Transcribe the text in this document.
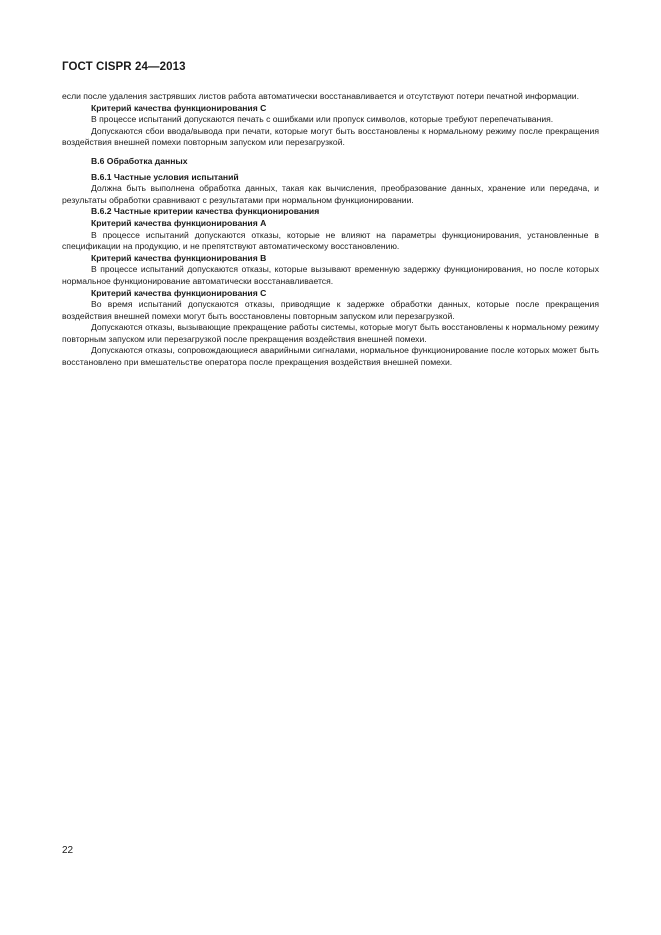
ГОСТ CISPR 24—2013

если после удаления застрявших листов работа автоматически восстанавливается и отсутствуют потери печатной информации.

Критерий качества функционирования С

В процессе испытаний допускаются печать с ошибками или пропуск символов, которые требуют перепечатывания.

Допускаются сбои ввода/вывода при печати, которые могут быть восстановлены к нормальному режиму после прекращения воздействия внешней помехи повторным запуском или перезагрузкой.

В.6 Обработка данных

В.6.1 Частные условия испытаний

Должна быть выполнена обработка данных, такая как вычисления, преобразование данных, хранение или передача, и результаты обработки сравнивают с результатами при нормальном функционировании.

В.6.2 Частные критерии качества функционирования

Критерий качества функционирования А

В процессе испытаний допускаются отказы, которые не влияют на параметры функционирования, установленные в спецификации на продукцию, и не препятствуют автоматическому восстановлению.

Критерий качества функционирования В

В процессе испытаний допускаются отказы, которые вызывают временную задержку функционирования, но после которых нормальное функционирование автоматически восстанавливается.

Критерий качества функционирования С

Во время испытаний допускаются отказы, приводящие к задержке обработки данных, которые после прекращения воздействия внешней помехи могут быть восстановлены повторным запуском или перезагрузкой.

Допускаются отказы, вызывающие прекращение работы системы, которые могут быть восстановлены к нормальному режиму повторным запуском или перезагрузкой после прекращения воздействия внешней помехи.

Допускаются отказы, сопровождающиеся аварийными сигналами, нормальное функционирование после которых может быть восстановлено при вмешательстве оператора после прекращения воздействия внешней помехи.

22
